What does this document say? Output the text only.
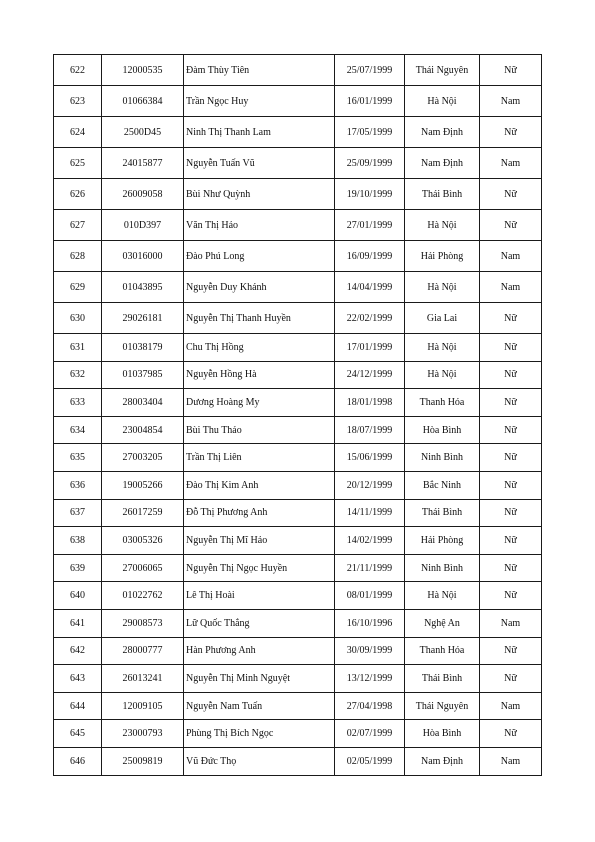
622	12000535	Đàm Thùy Tiên	25/07/1999	Thái Nguyên	Nữ
623	01066384	Trần Ngọc Huy	16/01/1999	Hà Nội	Nam
624	2500D45	Ninh Thị Thanh Lam	17/05/1999	Nam Định	Nữ
625	24015877	Nguyễn Tuấn Vũ	25/09/1999	Nam Định	Nam
626	26009058	Bùi Như Quỳnh	19/10/1999	Thái Bình	Nữ
627	010D397	Văn Thị Hảo	27/01/1999	Hà Nội	Nữ
628	03016000	Đào Phú Long	16/09/1999	Hải Phòng	Nam
629	01043895	Nguyễn Duy Khánh	14/04/1999	Hà Nội	Nam
630	29026181	Nguyễn Thị Thanh Huyền	22/02/1999	Gia Lai	Nữ
631	01038179	Chu Thị Hồng	17/01/1999	Hà Nội	Nữ
632	01037985	Nguyễn Hồng Hà	24/12/1999	Hà Nội	Nữ
633	28003404	Dương Hoàng My	18/01/1998	Thanh Hóa	Nữ
634	23004854	Bùi Thu Thảo	18/07/1999	Hòa Bình	Nữ
635	27003205	Trần Thị Liên	15/06/1999	Ninh Bình	Nữ
636	19005266	Đào Thị Kim Anh	20/12/1999	Bắc Ninh	Nữ
637	26017259	Đỗ Thị Phương Anh	14/11/1999	Thái Bình	Nữ
638	03005326	Nguyễn Thị Mĩ Hảo	14/02/1999	Hải Phòng	Nữ
639	27006065	Nguyễn Thị Ngọc Huyền	21/11/1999	Ninh Bình	Nữ
640	01022762	Lê Thị Hoài	08/01/1999	Hà Nội	Nữ
641	29008573	Lữ Quốc Thắng	16/10/1996	Nghệ An	Nam
642	28000777	Hàn Phương Anh	30/09/1999	Thanh Hóa	Nữ
643	26013241	Nguyễn Thị Minh Nguyệt	13/12/1999	Thái Bình	Nữ
644	12009105	Nguyễn Nam Tuấn	27/04/1998	Thái Nguyên	Nam
645	23000793	Phùng Thị Bích Ngọc	02/07/1999	Hòa Bình	Nữ
646	25009819	Vũ Đức Thọ	02/05/1999	Nam Định	Nam
